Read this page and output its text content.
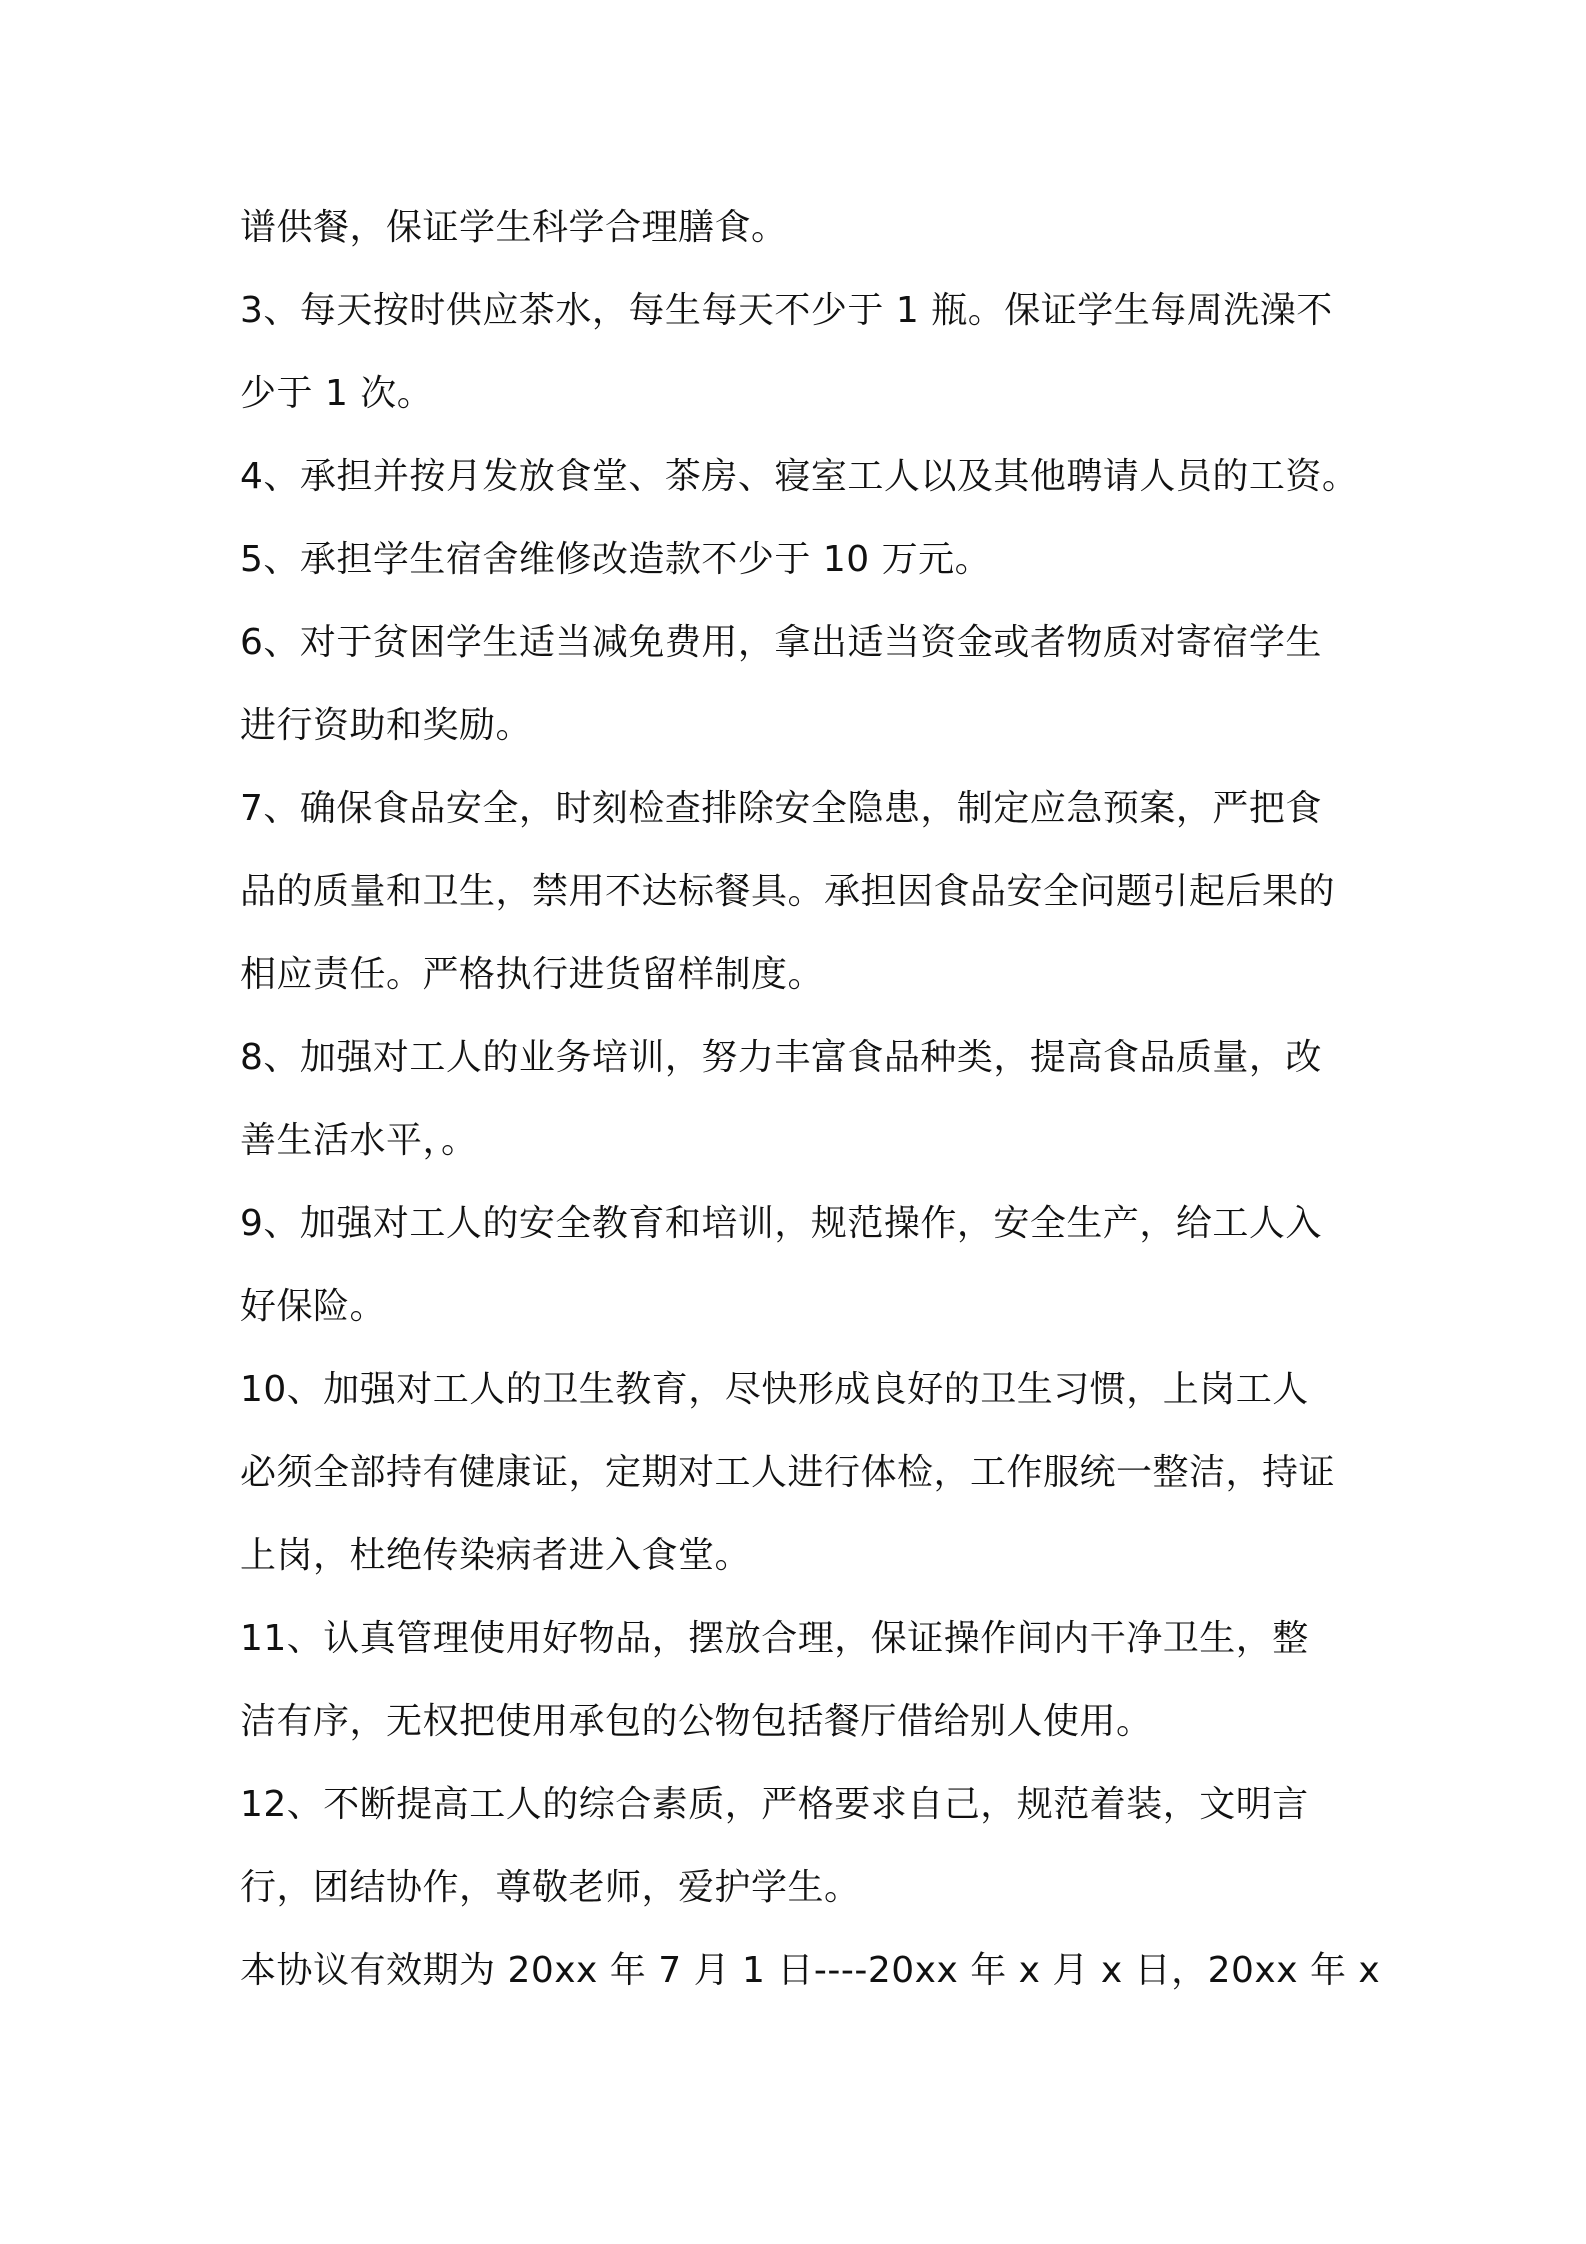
谱供餐，保证学生科学合理膳食。
3、每天按时供应茶水，每生每天不少于 1 瓶。保证学生每周洗澡不
少于 1 次。
4、承担并按月发放食堂、茶房、寝室工人以及其他聘请人员的工资。
5、承担学生宿舍维修改造款不少于 10 万元。
6、对于贫困学生适当减免费用，拿出适当资金或者物质对寄宿学生
进行资助和奖励。
7、确保食品安全，时刻检查排除安全隐患，制定应急预案，严把食
品的质量和卫生，禁用不达标餐具。承担因食品安全问题引起后果的
相应责任。严格执行进货留样制度。
8、加强对工人的业务培训，努力丰富食品种类，提高食品质量，改
善生活水平，。
9、加强对工人的安全教育和培训，规范操作，安全生产，给工人入
好保险。
10、加强对工人的卫生教育，尽快形成良好的卫生习惯，上岗工人
必须全部持有健康证，定期对工人进行体检，工作服统一整洁，持证
上岗，杜绝传染病者进入食堂。
11、认真管理使用好物品，摆放合理，保证操作间内干净卫生，整
洁有序，无权把使用承包的公物包括餐厅借给别人使用。
12、不断提高工人的综合素质，严格要求自己，规范着装，文明言
行，团结协作，尊敬老师，爱护学生。
本协议有效期为 20xx 年 7 月 1 日----20xx 年 x 月 x 日，20xx 年 x
